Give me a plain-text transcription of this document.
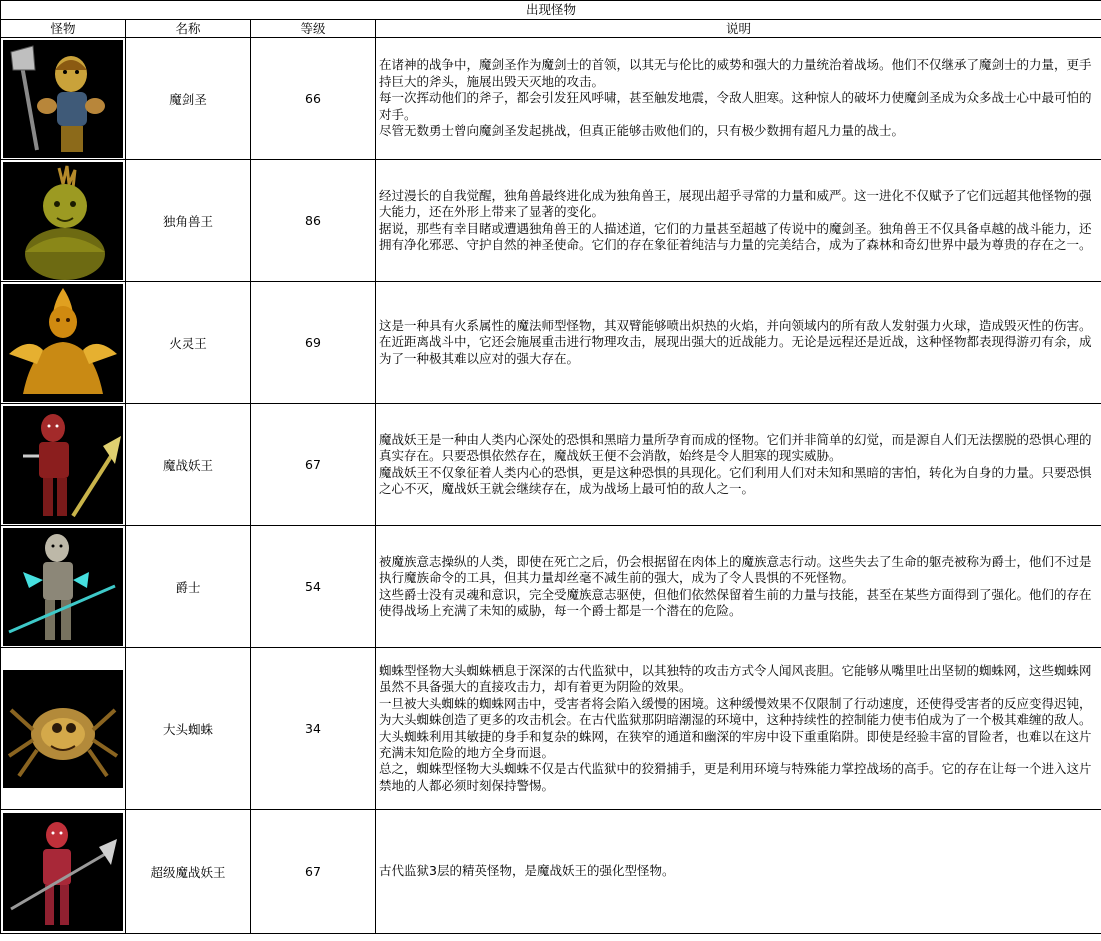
出现怪物			
怪物	名称	等级	说明

	魔剑圣	66	在诸神的战争中，魔剑圣作为魔剑士的首领，以其无与伦比的威势和强大的力量统治着战场。他们不仅继承了魔剑士的力量，更手持巨大的斧头，施展出毁天灭地的攻击。
每一次挥动他们的斧子，都会引发狂风呼啸，甚至触发地震，令敌人胆寒。这种惊人的破坏力使魔剑圣成为众多战士心中最可怕的对手。
尽管无数勇士曾向魔剑圣发起挑战，但真正能够击败他们的，只有极少数拥有超凡力量的战士。

	独角兽王	86	经过漫长的自我觉醒，独角兽最终进化成为独角兽王，展现出超乎寻常的力量和威严。这一进化不仅赋予了它们远超其他怪物的强大能力，还在外形上带来了显著的变化。
据说，那些有幸目睹或遭遇独角兽王的人描述道，它们的力量甚至超越了传说中的魔剑圣。独角兽王不仅具备卓越的战斗能力，还拥有净化邪恶、守护自然的神圣使命。它们的存在象征着纯洁与力量的完美结合，成为了森林和奇幻世界中最为尊贵的存在之一。

	火灵王	69	这是一种具有火系属性的魔法师型怪物，其双臂能够喷出炽热的火焰，并向领域内的所有敌人发射强力火球，造成毁灭性的伤害。
在近距离战斗中，它还会施展重击进行物理攻击，展现出强大的近战能力。无论是远程还是近战，这种怪物都表现得游刃有余，成为了一种极其难以应对的强大存在。

	魔战妖王	67	魔战妖王是一种由人类内心深处的恐惧和黑暗力量所孕育而成的怪物。它们并非简单的幻觉，而是源自人们无法摆脱的恐惧心理的真实存在。只要恐惧依然存在，魔战妖王便不会消散，始终是令人胆寒的现实威胁。
魔战妖王不仅象征着人类内心的恐惧，更是这种恐惧的具现化。它们利用人们对未知和黑暗的害怕，转化为自身的力量。只要恐惧之心不灭，魔战妖王就会继续存在，成为战场上最可怕的敌人之一。

	爵士	54	被魔族意志操纵的人类，即使在死亡之后，仍会根据留在肉体上的魔族意志行动。这些失去了生命的躯壳被称为爵士，他们不过是执行魔族命令的工具，但其力量却丝毫不减生前的强大，成为了令人畏惧的不死怪物。
这些爵士没有灵魂和意识，完全受魔族意志驱使，但他们依然保留着生前的力量与技能，甚至在某些方面得到了强化。他们的存在使得战场上充满了未知的威胁，每一个爵士都是一个潜在的危险。

	大头蜘蛛	34	蜘蛛型怪物大头蜘蛛栖息于深深的古代监狱中，以其独特的攻击方式令人闻风丧胆。它能够从嘴里吐出坚韧的蜘蛛网，这些蜘蛛网虽然不具备强大的直接攻击力，却有着更为阴险的效果。
一旦被大头蜘蛛的蜘蛛网击中，受害者将会陷入缓慢的困境。这种缓慢效果不仅限制了行动速度，还使得受害者的反应变得迟钝，为大头蜘蛛创造了更多的攻击机会。在古代监狱那阴暗潮湿的环境中，这种持续性的控制能力使韦伯成为了一个极其难缠的敌人。
大头蜘蛛利用其敏捷的身手和复杂的蛛网，在狭窄的通道和幽深的牢房中设下重重陷阱。即使是经验丰富的冒险者，也难以在这片充满未知危险的地方全身而退。
总之，蜘蛛型怪物大头蜘蛛不仅是古代监狱中的狡猾捕手，更是利用环境与特殊能力掌控战场的高手。它的存在让每一个进入这片禁地的人都必须时刻保持警惕。

	超级魔战妖王	67	古代监狱3层的精英怪物，是魔战妖王的强化型怪物。
